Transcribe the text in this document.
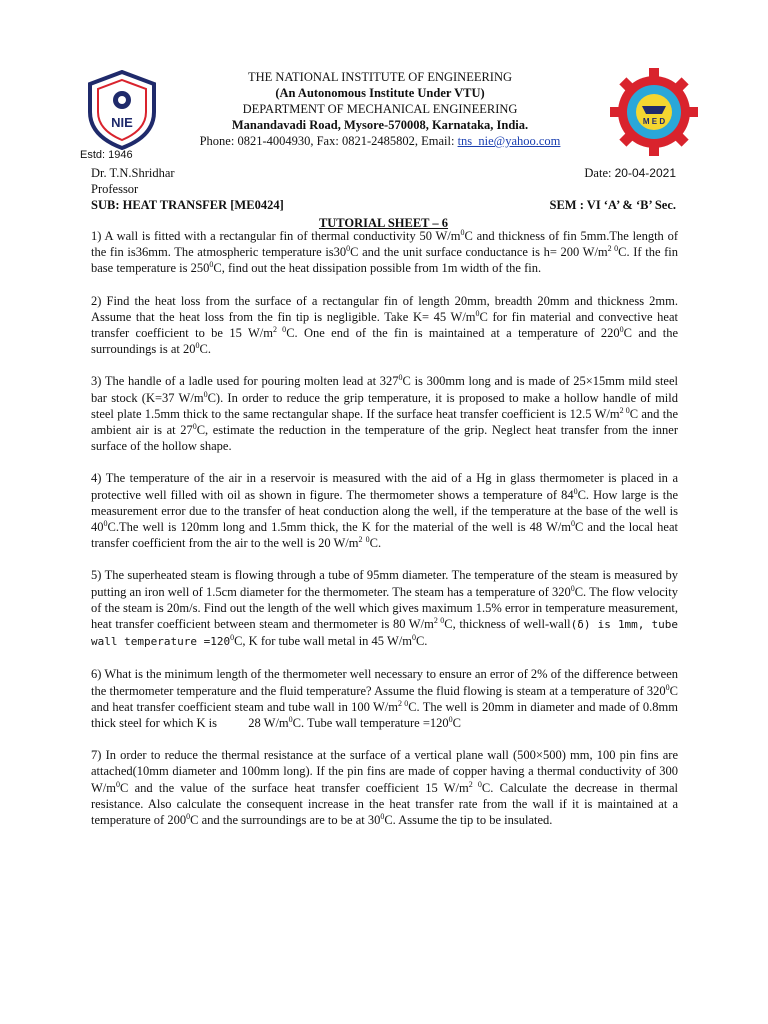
NIE
Estd: 1946
THE NATIONAL INSTITUTE OF ENGINEERING
(An Autonomous Institute Under VTU)
DEPARTMENT OF MECHANICAL ENGINEERING
Manandavadi Road, Mysore-570008, Karnataka, India.
Phone: 0821-4004930, Fax: 0821-2485802, Email: tns_nie@yahoo.com
M E D
Dr. T.N.Shridhar	Date: 20-04-2021
Professor
SUB: HEAT TRANSFER [ME0424]	SEM : VI ‘A’ & ‘B’ Sec.
TUTORIAL SHEET – 6

1) A wall is fitted with a rectangular fin of thermal conductivity 50 $W/m^0C$ and thickness of fin 5mm.The length of the fin is36mm. The atmospheric temperature $is30^0C$ and the unit surface conductance is h= 200 $W/m^{2 0}C$. If the fin base temperature is $250^0C$, find out the heat dissipation possible from 1m width of the fin.

2) Find the heat loss from the surface of a rectangular fin of length 20mm, breadth 20mm and thickness 2mm. Assume that the heat loss from the fin tip is negligible. Take K= 45 $W/m^0C$ for fin material and convective heat transfer coefficient to be 15 $W/m^{2 0}C$. One end of the fin is maintained at a temperature of $220^0C$ and the surroundings is at $20^0C$.

3) The handle of a ladle used for pouring molten lead at $327^0C$ is 300mm long and is made of 25×15mm mild steel bar stock (K=37 $W/m^0C$). In order to reduce the grip temperature, it is proposed to make a hollow handle of mild steel plate 1.5mm thick to the same rectangular shape. If the surface heat transfer coefficient is 12.5 $W/m^{2 0}C$ and the ambient air is at $27^0C$, estimate the reduction in the temperature of the grip. Neglect heat transfer from the inner surface of the hollow shape.

4) The temperature of the air in a reservoir is measured with the aid of a Hg in glass thermometer is placed in a protective well filled with oil as shown in figure. The thermometer shows a temperature of $84^0C$. How large is the measurement error due to the transfer of heat conduction along the well, if the temperature at the base of the well is $40^0C.The$ well is 120mm long and 1.5mm thick, the K for the material of the well is 48 $W/m^0C$ and the local heat transfer coefficient from the air to the well is 20 $W/m^2$ $^0$C.

5) The superheated steam is flowing through a tube of 95mm diameter. The temperature of the steam is measured by putting an iron well of 1.5cm diameter for the thermometer. The steam has a temperature of $320^0C$. The flow velocity of the steam is 20m/s. Find out the length of the well which gives maximum 1.5% error in temperature measurement, heat transfer coefficient between steam and thermometer is 80 $W/m^{2 0}C$, thickness of well-wall(δ) is 1mm, tube wall temperature $=120^0C$, K for tube wall metal in 45 $W/m^0C$.

6) What is the minimum length of the thermometer well necessary to ensure an error of 2% of the difference between the thermometer temperature and the fluid temperature? Assume the fluid flowing is steam at a temperature of $320^0C$ and heat transfer coefficient steam and tube wall in 100 $W/m^{2 0}C$. The well is 20mm in diameter and made of 0.8mm thick steel for which K is          28 $W/m^0C$. Tube wall temperature $=120^0C$

7) In order to reduce the thermal resistance at the surface of a vertical plane wall (500×500) mm, 100 pin fins are attached(10mm diameter and 100mm long). If the pin fins are made of copper having a thermal conductivity of 300 $W/m^0C$ and the value of the surface heat transfer coefficient 15 $W/m^{2 0}C$. Calculate the decrease in thermal resistance. Also calculate the consequent increase in the heat transfer rate from the wall if it is maintained at a temperature of $200^0C$ and the surroundings are to be at $30^0C$. Assume the tip to be insulated.
